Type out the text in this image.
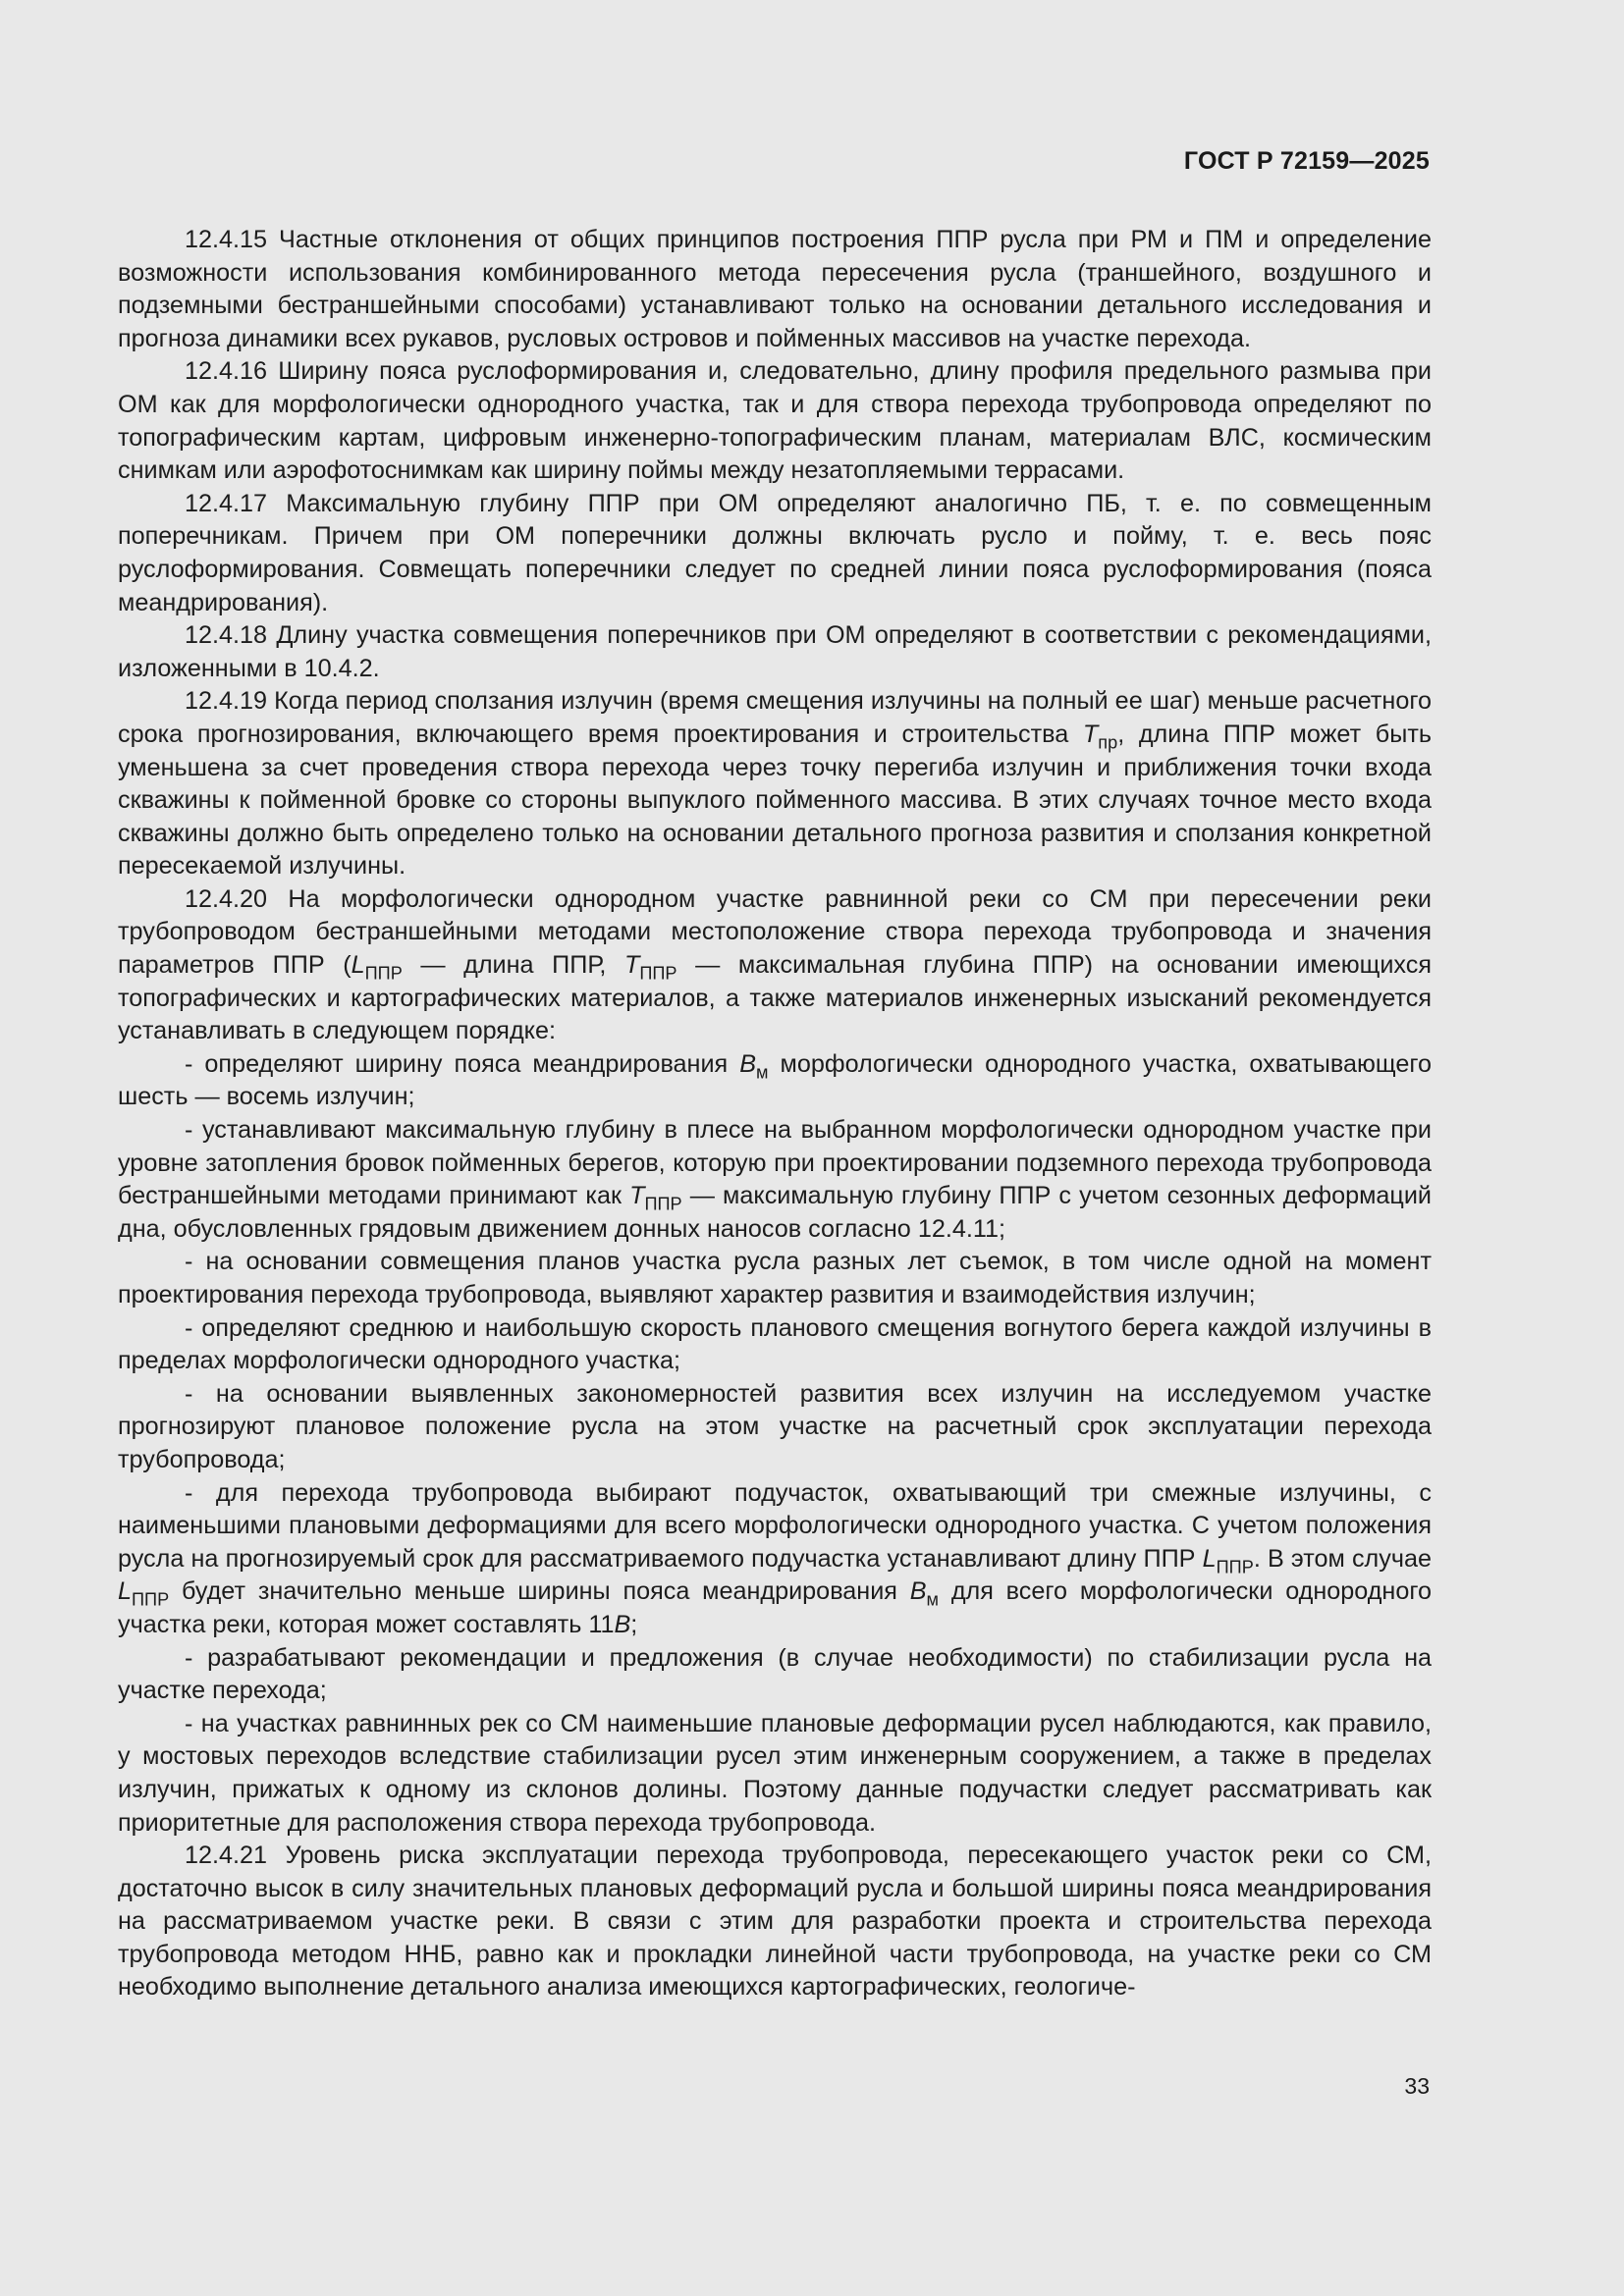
ГОСТ Р 72159—2025

12.4.15 Частные отклонения от общих принципов построения ППР русла при РМ и ПМ и определение возможности использования комбинированного метода пересечения русла (траншейного, воздушного и подземными бестраншейными способами) устанавливают только на основании детального исследования и прогноза динамики всех рукавов, русловых островов и пойменных массивов на участке перехода.

12.4.16 Ширину пояса руслоформирования и, следовательно, длину профиля предельного размыва при ОМ как для морфологически однородного участка, так и для створа перехода трубопровода определяют по топографическим картам, цифровым инженерно-топографическим планам, материалам ВЛС, космическим снимкам или аэрофотоснимкам как ширину поймы между незатопляемыми террасами.

12.4.17 Максимальную глубину ППР при ОМ определяют аналогично ПБ, т. е. по совмещенным поперечникам. Причем при ОМ поперечники должны включать русло и пойму, т. е. весь пояс руслоформирования. Совмещать поперечники следует по средней линии пояса руслоформирования (пояса меандрирования).

12.4.18 Длину участка совмещения поперечников при ОМ определяют в соответствии с рекомендациями, изложенными в 10.4.2.

12.4.19 Когда период сползания излучин (время смещения излучины на полный ее шаг) меньше расчетного срока прогнозирования, включающего время проектирования и строительства $T_{пр}$, длина ППР может быть уменьшена за счет проведения створа перехода через точку перегиба излучин и приближения точки входа скважины к пойменной бровке со стороны выпуклого пойменного массива. В этих случаях точное место входа скважины должно быть определено только на основании детального прогноза развития и сползания конкретной пересекаемой излучины.

12.4.20 На морфологически однородном участке равнинной реки со СМ при пересечении реки трубопроводом бестраншейными методами местоположение створа перехода трубопровода и значения параметров ППР ($L_{ППР}$ — длина ППР, $T_{ППР}$ — максимальная глубина ППР) на основании имеющихся топографических и картографических материалов, а также материалов инженерных изысканий рекомендуется устанавливать в следующем порядке:

- определяют ширину пояса меандрирования $B_м$ морфологически однородного участка, охватывающего шесть — восемь излучин;

- устанавливают максимальную глубину в плесе на выбранном морфологически однородном участке при уровне затопления бровок пойменных берегов, которую при проектировании подземного перехода трубопровода бестраншейными методами принимают как $T_{ППР}$ — максимальную глубину ППР с учетом сезонных деформаций дна, обусловленных грядовым движением донных наносов согласно 12.4.11;

- на основании совмещения планов участка русла разных лет съемок, в том числе одной на момент проектирования перехода трубопровода, выявляют характер развития и взаимодействия излучин;

- определяют среднюю и наибольшую скорость планового смещения вогнутого берега каждой излучины в пределах морфологически однородного участка;

- на основании выявленных закономерностей развития всех излучин на исследуемом участке прогнозируют плановое положение русла на этом участке на расчетный срок эксплуатации перехода трубопровода;

- для перехода трубопровода выбирают подучасток, охватывающий три смежные излучины, с наименьшими плановыми деформациями для всего морфологически однородного участка. С учетом положения русла на прогнозируемый срок для рассматриваемого подучастка устанавливают длину ППР $L_{ППР}$. В этом случае $L_{ППР}$ будет значительно меньше ширины пояса меандрирования $B_м$ для всего морфологически однородного участка реки, которая может составлять 11B;

- разрабатывают рекомендации и предложения (в случае необходимости) по стабилизации русла на участке перехода;

- на участках равнинных рек со СМ наименьшие плановые деформации русел наблюдаются, как правило, у мостовых переходов вследствие стабилизации русел этим инженерным сооружением, а также в пределах излучин, прижатых к одному из склонов долины. Поэтому данные подучастки следует рассматривать как приоритетные для расположения створа перехода трубопровода.

12.4.21 Уровень риска эксплуатации перехода трубопровода, пересекающего участок реки со СМ, достаточно высок в силу значительных плановых деформаций русла и большой ширины пояса меандрирования на рассматриваемом участке реки. В связи с этим для разработки проекта и строительства перехода трубопровода методом ННБ, равно как и прокладки линейной части трубопровода, на участке реки со СМ необходимо выполнение детального анализа имеющихся картографических, геологиче-

33
